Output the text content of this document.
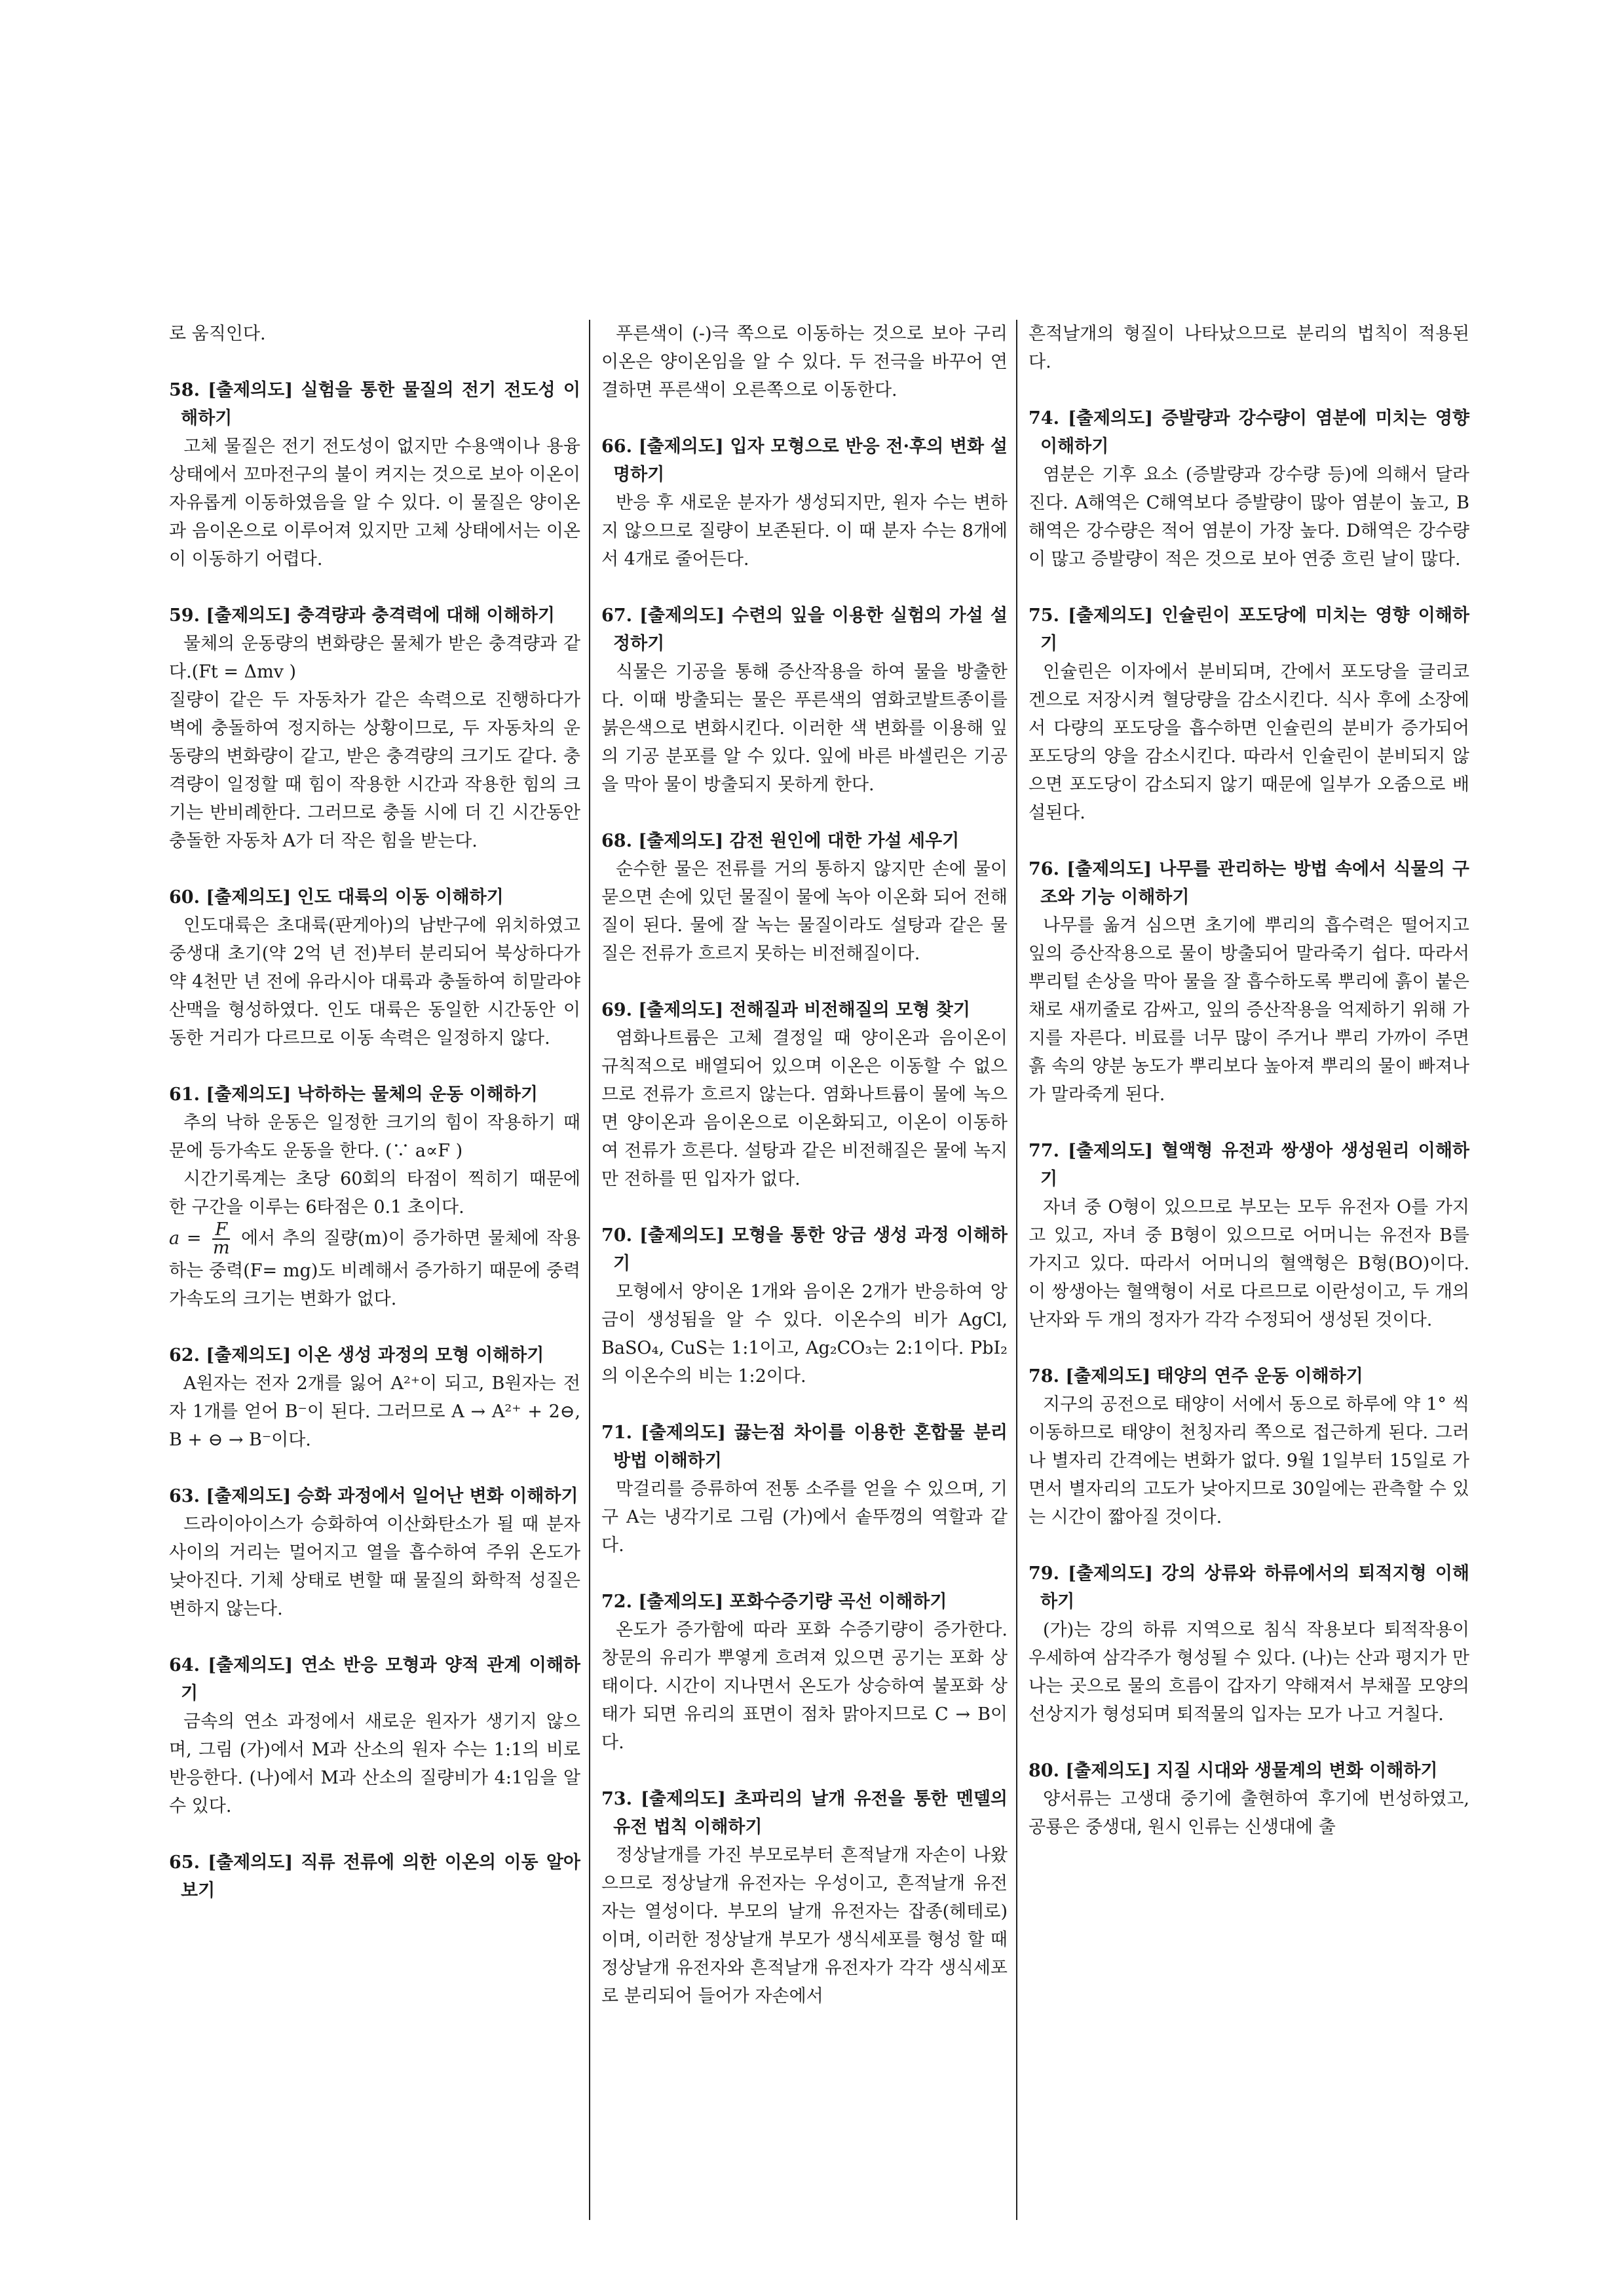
로 움직인다.

58. [출제의도] 실험을 통한 물질의 전기 전도성 이해하기

고체 물질은 전기 전도성이 없지만 수용액이나 용융상태에서 꼬마전구의 불이 켜지는 것으로 보아 이온이 자유롭게 이동하였음을 알 수 있다. 이 물질은 양이온과 음이온으로 이루어져 있지만 고체 상태에서는 이온이 이동하기 어렵다.

59. [출제의도] 충격량과 충격력에 대해 이해하기

물체의 운동량의 변화량은 물체가 받은 충격량과 같다.(Ft = Δmv )

질량이 같은 두 자동차가 같은 속력으로 진행하다가 벽에 충돌하여 정지하는 상황이므로, 두 자동차의 운동량의 변화량이 같고, 받은 충격량의 크기도 같다. 충격량이 일정할 때 힘이 작용한 시간과 작용한 힘의 크기는 반비례한다. 그러므로 충돌 시에 더 긴 시간동안 충돌한 자동차 A가 더 작은 힘을 받는다.

60. [출제의도] 인도 대륙의 이동 이해하기

인도대륙은 초대륙(판게아)의 남반구에 위치하였고 중생대 초기(약 2억 년 전)부터 분리되어 북상하다가 약 4천만 년 전에 유라시아 대륙과 충돌하여 히말라야 산맥을 형성하였다. 인도 대륙은 동일한 시간동안 이동한 거리가 다르므로 이동 속력은 일정하지 않다.

61. [출제의도] 낙하하는 물체의 운동 이해하기

추의 낙하 운동은 일정한 크기의 힘이 작용하기 때문에 등가속도 운동을 한다. (∵ a∝F )

시간기록계는 초당 60회의 타점이 찍히기 때문에 한 구간을 이루는 6타점은 0.1 초이다.

$a = \frac{F}{m}$ 에서 추의 질량(m)이 증가하면 물체에 작용하는 중력(F= mg)도 비례해서 증가하기 때문에 중력가속도의 크기는 변화가 없다.

62. [출제의도] 이온 생성 과정의 모형 이해하기

A원자는 전자 2개를 잃어 A²⁺이 되고, B원자는 전자 1개를 얻어 B⁻이 된다. 그러므로 A → A²⁺ + 2⊖, B + ⊖ → B⁻이다.

63. [출제의도] 승화 과정에서 일어난 변화 이해하기

드라이아이스가 승화하여 이산화탄소가 될 때 분자 사이의 거리는 멀어지고 열을 흡수하여 주위 온도가 낮아진다. 기체 상태로 변할 때 물질의 화학적 성질은 변하지 않는다.

64. [출제의도] 연소 반응 모형과 양적 관계 이해하기

금속의 연소 과정에서 새로운 원자가 생기지 않으며, 그림 (가)에서 M과 산소의 원자 수는 1:1의 비로 반응한다. (나)에서 M과 산소의 질량비가 4:1임을 알 수 있다.

65. [출제의도] 직류 전류에 의한 이온의 이동 알아보기

푸른색이 (-)극 쪽으로 이동하는 것으로 보아 구리 이온은 양이온임을 알 수 있다. 두 전극을 바꾸어 연결하면 푸른색이 오른쪽으로 이동한다.

66. [출제의도] 입자 모형으로 반응 전·후의 변화 설명하기

반응 후 새로운 분자가 생성되지만, 원자 수는 변하지 않으므로 질량이 보존된다. 이 때 분자 수는 8개에서 4개로 줄어든다.

67. [출제의도] 수련의 잎을 이용한 실험의 가설 설정하기

식물은 기공을 통해 증산작용을 하여 물을 방출한다. 이때 방출되는 물은 푸른색의 염화코발트종이를 붉은색으로 변화시킨다. 이러한 색 변화를 이용해 잎의 기공 분포를 알 수 있다. 잎에 바른 바셀린은 기공을 막아 물이 방출되지 못하게 한다.

68. [출제의도] 감전 원인에 대한 가설 세우기

순수한 물은 전류를 거의 통하지 않지만 손에 물이 묻으면 손에 있던 물질이 물에 녹아 이온화 되어 전해질이 된다. 물에 잘 녹는 물질이라도 설탕과 같은 물질은 전류가 흐르지 못하는 비전해질이다.

69. [출제의도] 전해질과 비전해질의 모형 찾기

염화나트륨은 고체 결정일 때 양이온과 음이온이 규칙적으로 배열되어 있으며 이온은 이동할 수 없으므로 전류가 흐르지 않는다. 염화나트륨이 물에 녹으면 양이온과 음이온으로 이온화되고, 이온이 이동하여 전류가 흐른다. 설탕과 같은 비전해질은 물에 녹지만 전하를 띤 입자가 없다.

70. [출제의도] 모형을 통한 앙금 생성 과정 이해하기

모형에서 양이온 1개와 음이온 2개가 반응하여 앙금이 생성됨을 알 수 있다. 이온수의 비가 AgCl, BaSO₄, CuS는 1:1이고, Ag₂CO₃는 2:1이다. PbI₂의 이온수의 비는 1:2이다.

71. [출제의도] 끓는점 차이를 이용한 혼합물 분리 방법 이해하기

막걸리를 증류하여 전통 소주를 얻을 수 있으며, 기구 A는 냉각기로 그림 (가)에서 솥뚜껑의 역할과 같다.

72. [출제의도] 포화수증기량 곡선 이해하기

온도가 증가함에 따라 포화 수증기량이 증가한다. 창문의 유리가 뿌옇게 흐려져 있으면 공기는 포화 상태이다. 시간이 지나면서 온도가 상승하여 불포화 상태가 되면 유리의 표면이 점차 맑아지므로 C → B이다.

73. [출제의도] 초파리의 날개 유전을 통한 멘델의 유전 법칙 이해하기

정상날개를 가진 부모로부터 흔적날개 자손이 나왔으므로 정상날개 유전자는 우성이고, 흔적날개 유전자는 열성이다. 부모의 날개 유전자는 잡종(헤테로)이며, 이러한 정상날개 부모가 생식세포를 형성 할 때 정상날개 유전자와 흔적날개 유전자가 각각 생식세포로 분리되어 들어가 자손에서

흔적날개의 형질이 나타났으므로 분리의 법칙이 적용된다.

74. [출제의도] 증발량과 강수량이 염분에 미치는 영향 이해하기

염분은 기후 요소 (증발량과 강수량 등)에 의해서 달라진다. A해역은 C해역보다 증발량이 많아 염분이 높고, B해역은 강수량은 적어 염분이 가장 높다. D해역은 강수량이 많고 증발량이 적은 것으로 보아 연중 흐린 날이 많다.

75. [출제의도] 인슐린이 포도당에 미치는 영향 이해하기

인슐린은 이자에서 분비되며, 간에서 포도당을 글리코겐으로 저장시켜 혈당량을 감소시킨다. 식사 후에 소장에서 다량의 포도당을 흡수하면 인슐린의 분비가 증가되어 포도당의 양을 감소시킨다. 따라서 인슐린이 분비되지 않으면 포도당이 감소되지 않기 때문에 일부가 오줌으로 배설된다.

76. [출제의도] 나무를 관리하는 방법 속에서 식물의 구조와 기능 이해하기

나무를 옮겨 심으면 초기에 뿌리의 흡수력은 떨어지고 잎의 증산작용으로 물이 방출되어 말라죽기 쉽다. 따라서 뿌리털 손상을 막아 물을 잘 흡수하도록 뿌리에 흙이 붙은 채로 새끼줄로 감싸고, 잎의 증산작용을 억제하기 위해 가지를 자른다. 비료를 너무 많이 주거나 뿌리 가까이 주면 흙 속의 양분 농도가 뿌리보다 높아져 뿌리의 물이 빠져나가 말라죽게 된다.

77. [출제의도] 혈액형 유전과 쌍생아 생성원리 이해하기

자녀 중 O형이 있으므로 부모는 모두 유전자 O를 가지고 있고, 자녀 중 B형이 있으므로 어머니는 유전자 B를 가지고 있다. 따라서 어머니의 혈액형은 B형(BO)이다. 이 쌍생아는 혈액형이 서로 다르므로 이란성이고, 두 개의 난자와 두 개의 정자가 각각 수정되어 생성된 것이다.

78. [출제의도] 태양의 연주 운동 이해하기

지구의 공전으로 태양이 서에서 동으로 하루에 약 1° 씩 이동하므로 태양이 천칭자리 쪽으로 접근하게 된다. 그러나 별자리 간격에는 변화가 없다. 9월 1일부터 15일로 가면서 별자리의 고도가 낮아지므로 30일에는 관측할 수 있는 시간이 짧아질 것이다.

79. [출제의도] 강의 상류와 하류에서의 퇴적지형 이해하기

(가)는 강의 하류 지역으로 침식 작용보다 퇴적작용이 우세하여 삼각주가 형성될 수 있다. (나)는 산과 평지가 만나는 곳으로 물의 흐름이 갑자기 약해져서 부채꼴 모양의 선상지가 형성되며 퇴적물의 입자는 모가 나고 거칠다.

80. [출제의도] 지질 시대와 생물계의 변화 이해하기

양서류는 고생대 중기에 출현하여 후기에 번성하였고, 공룡은 중생대, 원시 인류는 신생대에 출
